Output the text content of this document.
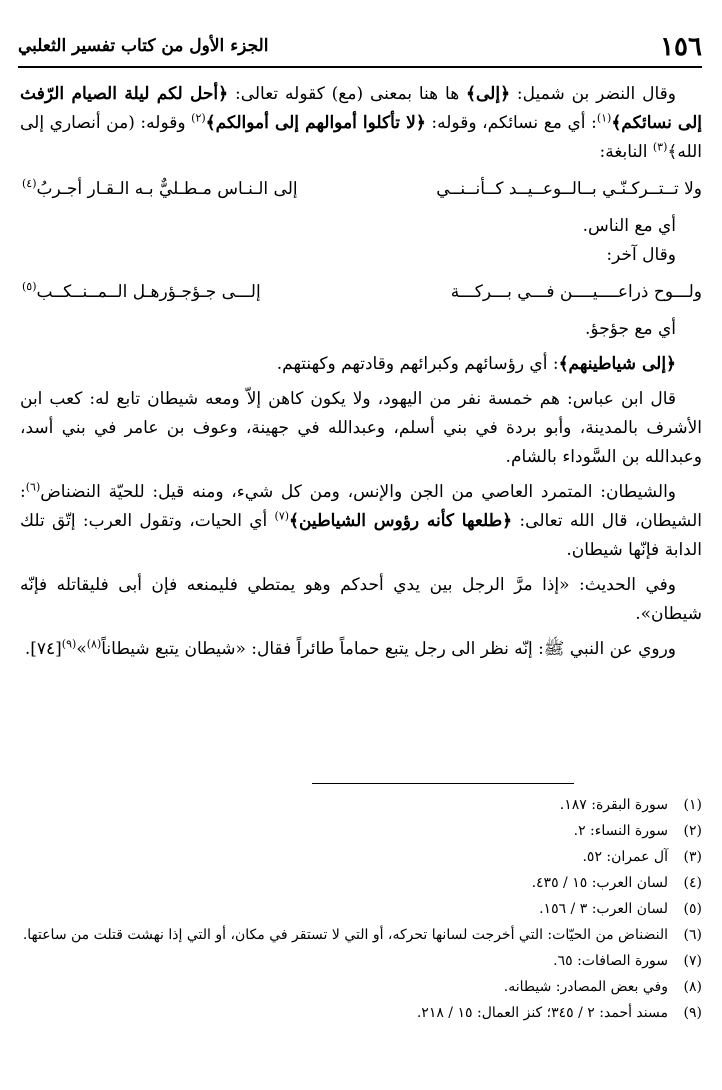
١٥٦
الجزء الأول من كتاب تفسير الثعلبي

وقال النضر بن شميل: ﴿إلى﴾ ها هنا بمعنى (مع) كقوله تعالى: ﴿أحل لكم ليلة الصيام الرّفث إلى نسائكم﴾$^{(١)}$: أي مع نسائكم، وقوله: ﴿لا تأكلوا أموالهم إلى أموالكم﴾$^{(٢)}$ وقوله: (من أنصاري إلى الله﴾$^{(٣)}$ النابغة:

ولا تــتــركـنّـي بــالــوعــيــد كــأنــنــي
إلى الـنـاس مـطـليٌّ بـه الـقـار أجـربُ$^{(٤)}$

أي مع الناس.

وقال آخر:

ولـــوح ذراعــــيــــن فـــي بـــركـــة
إلـــى جـؤجـؤرهـل الــمــنــكــب$^{(٥)}$

أي مع جؤجؤ.

﴿إلى شياطينهم﴾: أي رؤسائهم وكبرائهم وقادتهم وكهنتهم.

قال ابن عباس: هم خمسة نفر من اليهود، ولا يكون كاهن إلاّ ومعه شيطان تابع له: كعب ابن الأشرف بالمدينة، وأبو بردة في بني أسلم، وعبدالله في جهينة، وعوف بن عامر في بني أسد، وعبدالله بن السَّوداء بالشام.

والشيطان: المتمرد العاصي من الجن والإنس، ومن كل شيء، ومنه قيل: للحيّة النضناض$^{(٦)}$: الشيطان، قال الله تعالى: ﴿طلعها كأنه رؤوس الشياطين﴾$^{(٧)}$ أي الحيات، وتقول العرب: إتّق تلك الدابة فإنّها شيطان.

وفي الحديث: «إذا مرَّ الرجل بين يدي أحدكم وهو يمتطي فليمنعه فإن أبى فليقاتله فإنّه شيطان».

وروي عن النبي ﷺ: إنّه نظر الى رجل يتبع حماماً طائراً فقال: «شيطان يتبع شيطاناً$^{(٨)}$»$^{(٩)}$[٧٤].

(١)
سورة البقرة: ١٨٧.
(٢)
سورة النساء: ٢.
(٣)
آل عمران: ٥٢.
(٤)
لسان العرب: ١٥ / ٤٣٥.
(٥)
لسان العرب: ٣ / ١٥٦.
(٦)
النضناض من الحيّات: التي أخرجت لسانها تحركه، أو التي لا تستقر في مكان، أو التي إذا نهشت قتلت من ساعتها.
(٧)
سورة الصافات: ٦٥.
(٨)
وفي بعض المصادر: شيطانه.
(٩)
مسند أحمد: ٢ / ٣٤٥؛ كنز العمال: ١٥ / ٢١٨.
